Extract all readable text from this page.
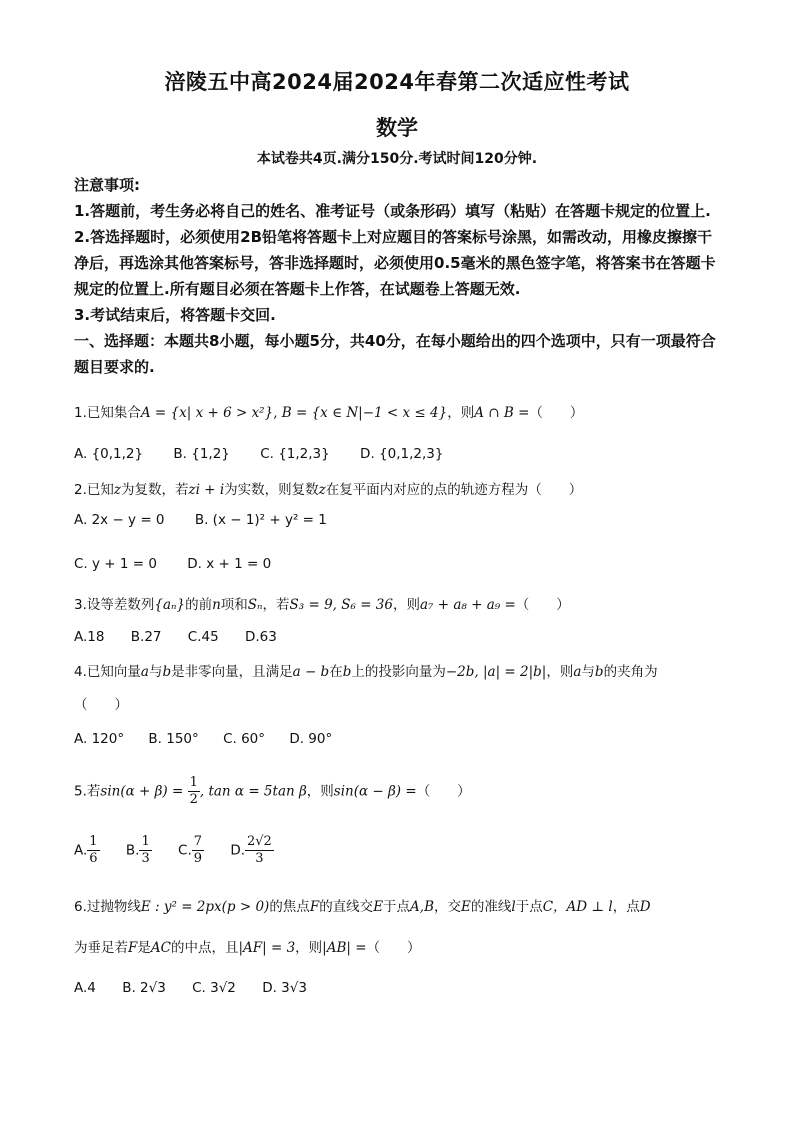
涪陵五中高2024届2024年春第二次适应性考试
数学
本试卷共4页.满分150分.考试时间120分钟.
注意事项:
1.答题前，考生务必将自己的姓名、准考证号（或条形码）填写（粘贴）在答题卡规定的位置上.
2.答选择题时，必须使用2B铅笔将答题卡上对应题目的答案标号涂黑，如需改动，用橡皮擦擦干净后，再选涂其他答案标号，答非选择题时，必须使用0.5毫米的黑色签字笔，将答案书在答题卡规定的位置上.所有题目必须在答题卡上作答，在试题卷上答题无效.
3.考试结束后，将答题卡交回.
一、选择题：本题共8小题，每小题5分，共40分，在每小题给出的四个选项中，只有一项最符合题目要求的.
1.已知集合A = {x| x + 6 > x²}, B = {x ∈ N|−1 < x ≤ 4}，则A ∩ B =（　　）
A. {0,1,2} B. {1,2} C. {1,2,3} D. {0,1,2,3}
2.已知z为复数，若zi + i为实数，则复数z在复平面内对应的点的轨迹方程为（　　）
A. 2x − y = 0 B. (x − 1)² + y² = 1
C. y + 1 = 0 D. x + 1 = 0
3.设等差数列{aₙ}的前n项和Sₙ，若S₃ = 9, S₆ = 36，则a₇ + a₈ + a₉ =（　　）
A.18 B.27 C.45 D.63
4.已知向量a与b是非零向量，且满足a − b在b上的投影向量为−2b, |a| = 2|b|，则a与b的夹角为
（　　）
A. 120° B. 150° C. 60° D. 90°
5.若$\sin(\alpha + \beta) = \frac{1}{2}$ , tan α = 5tan β，则sin(α − β) =（　　）
A. $\frac{1}{6} B$. $\frac{1}{3} C$. $\frac{7}{9} D$. $\frac{2√2}{3}$
6.过抛物线E : y² = 2px(p > 0)的焦点F的直线交E于点A,B，交E的准线l于点C，AD ⊥ l，点D
为垂足若F是AC的中点，且|AF| = 3，则|AB| =（　　）
A.4 B. 2√3 C. 3√2 D. 3√3
